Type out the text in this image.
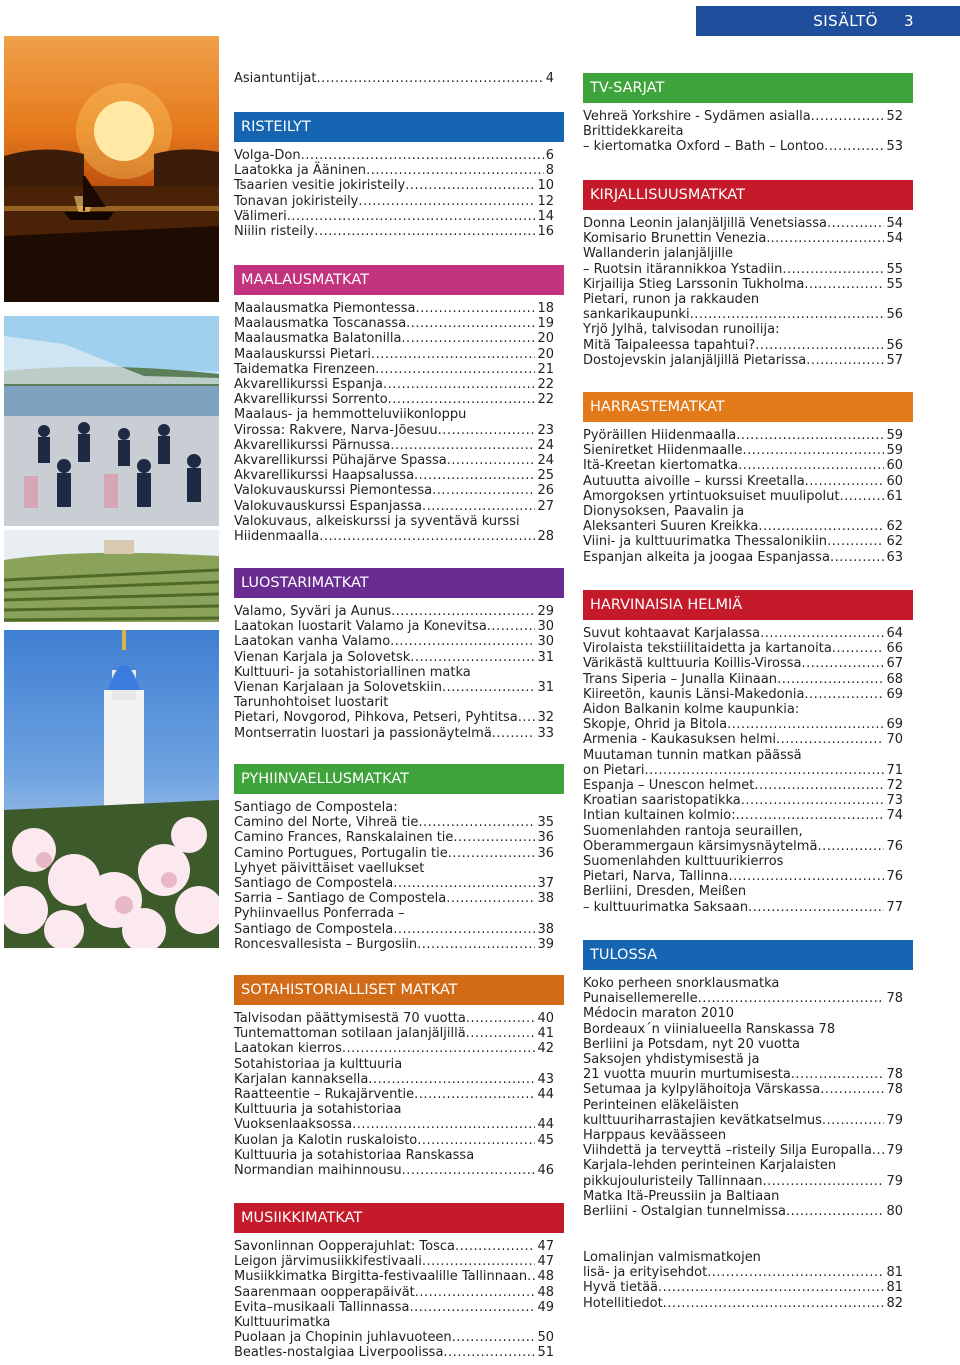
SISÄLTÖ 3
Asiantuntijat .....	4
RISTEILYT
Volga-Don .....	6
Laatokka ja Ääninen .....	8
Tsaarien vesitie jokiristeily .....	10
Tonavan jokiristeily .....	12
Välimeri .....	14
Niilin risteily .....	16
MAALAUSMATKAT
Maalausmatka Piemontessa .....	18
Maalausmatka Toscanassa .....	19
Maalausmatka Balatonilla .....	20
Maalauskurssi Pietari .....	20
Taidematka Firenzeen .....	21
Akvarellikurssi Espanja .....	22
Akvarellikurssi Sorrento .....	22
Maalaus- ja hemmotteluviikonloppu
Virossa: Rakvere, Narva-Jõesuu .....	23
Akvarellikurssi Pärnussa .....	24
Akvarellikurssi Pühajärve Spassa .....	24
Akvarellikurssi Haapsalussa .....	25
Valokuvauskurssi Piemontessa .....	26
Valokuvauskurssi Espanjassa .....	27
Valokuvaus, alkeiskurssi ja syventävä kurssi
Hiidenmaalla .....	28
LUOSTARIMATKAT
Valamo, Syväri ja Aunus .....	29
Laatokan luostarit Valamo ja Konevitsa .....	30
Laatokan vanha Valamo .....	30
Vienan Karjala ja Solovetsk .....	31
Kulttuuri- ja sotahistoriallinen matka
Vienan Karjalaan ja Solovetskiin .....	31
Tarunhohtoiset luostarit
Pietari, Novgorod, Pihkova, Petseri, Pyhtitsa ..... 32
Montserratin luostari ja passionäytelmä .....	33
PYHIINVAELLUSMATKAT
Santiago de Compostela:
Camino del Norte, Vihreä tie .....	35
Camino Frances, Ranskalainen tie .....	36
Camino Portugues, Portugalin tie .....	36
Lyhyet päivittäiset vaellukset
Santiago de Compostela .....	37
Sarria – Santiago de Compostela .....	38
Pyhiinvaellus Ponferrada –
Santiago de Compostela .....	38
Roncesvallesista – Burgosiin .....	39
SOTAHISTORIALLISET MATKAT
Talvisodan päättymisestä 70 vuotta .....	40
Tuntemattoman sotilaan jalanjäljillä .....	41
Laatokan kierros .....	42
Sotahistoriaa ja kulttuuria
Karjalan kannaksella .....	43
Raatteentie – Rukajärventie .....	44
Kulttuuria ja sotahistoriaa
Vuoksenlaaksossa .....	44
Kuolan ja Kalotin ruskaloisto .....	45
Kulttuuria ja sotahistoriaa Ranskassa
Normandian maihinnousu .....	46
MUSIIKKIMATKAT
Savonlinnan Oopperajuhlat: Tosca .....	47
Leigon järvimusiikkifestivaali .....	47
Musiikkimatka Birgitta-festivaalille Tallinnaan ..... 48
Saarenmaan oopperapäivät .....	48
Evita–musikaali Tallinnassa .....	49
Kulttuurimatka
Puolaan ja Chopinin juhlavuoteen .....	50
Beatles-nostalgiaa Liverpoolissa .....	51
TV-SARJAT
Vehreä Yorkshire - Sydämen asialla .....	52
Brittidekkareita
– kiertomatka Oxford – Bath – Lontoo .....	53
KIRJALLISUUSMATKAT
Donna Leonin jalanjäljillä Venetsiassa .....	54
Komisario Brunettin Venezia. .....	54
Wallanderin jalanjäljille
– Ruotsin itärannikkoa Ystadiin .....	55
Kirjailija Stieg Larssonin Tukholma .....	55
Pietari, runon ja rakkauden
sankarikaupunki .....	56
Yrjö Jylhä, talvisodan runoilija:
Mitä Taipaleessa tapahtui? .....	56
Dostojevskin jalanjäljillä Pietarissa .....	57
HARRASTEMATKAT
Pyöräillen Hiidenmaalla .....	59
Sieniretket Hiidenmaalle .....	59
Itä-Kreetan kiertomatka .....	60
Autuutta aivoille – kurssi Kreetalla .....	60
Amorgoksen yrtintuoksuiset muulipolut .....	61
Dionysoksen, Paavalin ja
Aleksanteri Suuren Kreikka .....	62
Viini- ja kulttuurimatka Thessalonikiin .....	62
Espanjan alkeita ja joogaa Espanjassa .....	63
HARVINAISIA HELMIÄ
Suvut kohtaavat Karjalassa .....	64
Virolaista tekstiilitaidetta ja kartanoita .....	66
Värikästä kulttuuria Koillis-Virossa .....	67
Trans Siperia – Junalla Kiinaan .....	68
Kiireetön, kaunis Länsi-Makedonia .....	69
Aidon Balkanin kolme kaupunkia:
Skopje, Ohrid ja Bitola .....	69
Armenia - Kaukasuksen helmi .....	70
Muutaman tunnin matkan päässä
on Pietari .....	71
Espanja – Unescon helmet .....	72
Kroatian saaristopatikka .....	73
Intian kultainen kolmio: .....	74
Suomenlahden rantoja seuraillen,
Oberammergaun kärsimysnäytelmä .....	76
Suomenlahden kulttuurikierros
Pietari, Narva, Tallinna .....	76
Berliini, Dresden, Meißen
– kulttuurimatka Saksaan .....	77
TULOSSA
Koko perheen snorklausmatka
Punaisellemerelle .....	78
Médocin maraton 2010
Bordeaux´n viinialueella Ranskassa 78
Berliini ja Potsdam, nyt 20 vuotta
Saksojen yhdistymisestä ja
21 vuotta muurin murtumisesta .....	78
Setumaa ja kylpylähoitoja Värskassa .....	78
Perinteinen eläkeläisten
kulttuuriharrastajien kevätkatselmus .....	79
Harppaus keväässeen
Viihdettä ja terveyttä –risteily Silja Europalla ..... 79
Karjala-lehden perinteinen Karjalaisten
pikkujouluristeily Tallinnaan .....	79
Matka Itä-Preussiin ja Baltiaan
Berliini - Ostalgian tunnelmissa .....	80
Lomalinjan valmismatkojen
lisä- ja erityisehdot .....	81
Hyvä tietää .....	81
Hotellitiedot .....	82
